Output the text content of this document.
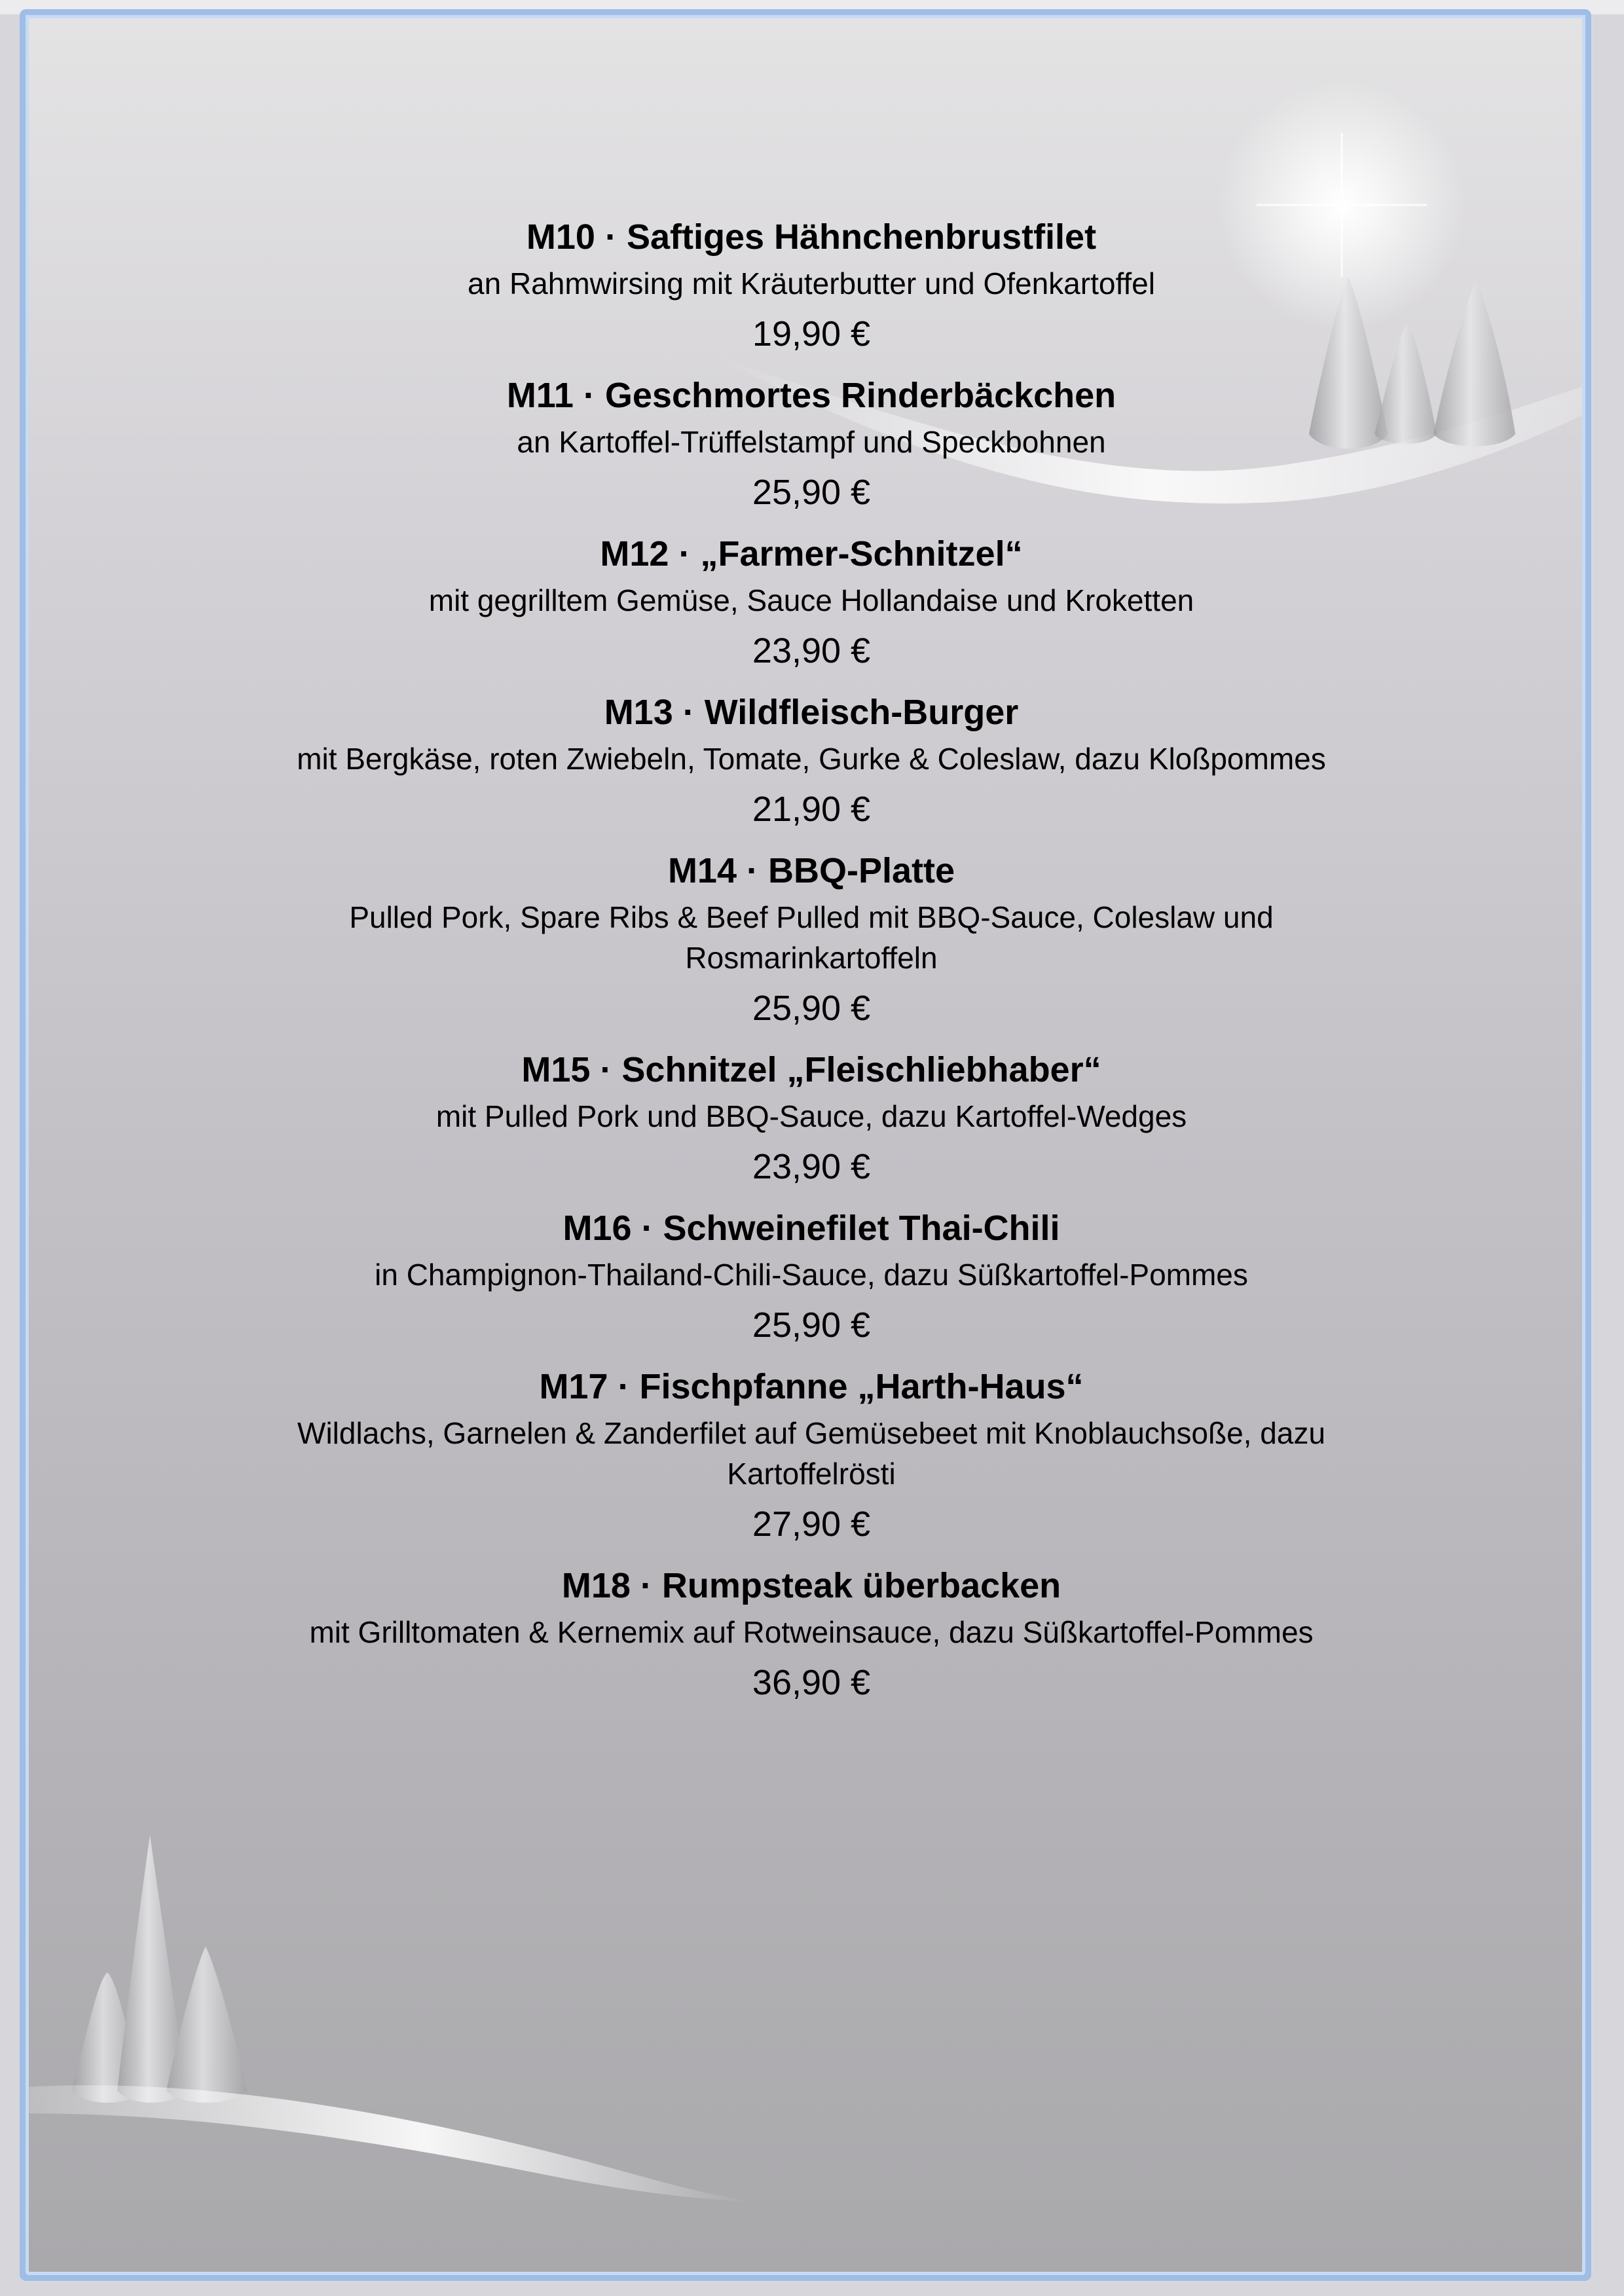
M10 · Saftiges Hähnchenbrustfilet
an Rahmwirsing mit Kräuterbutter und Ofenkartoffel
19,90 €
M11 · Geschmortes Rinderbäckchen
an Kartoffel-Trüffelstampf und Speckbohnen
25,90 €
M12 · „Farmer-Schnitzel“
mit gegrilltem Gemüse, Sauce Hollandaise und Kroketten
23,90 €
M13 · Wildfleisch-Burger
mit Bergkäse, roten Zwiebeln, Tomate, Gurke & Coleslaw, dazu Kloßpommes
21,90 €
M14 · BBQ-Platte
Pulled Pork, Spare Ribs & Beef Pulled mit BBQ-Sauce, Coleslaw und Rosmarinkartoffeln
25,90 €
M15 · Schnitzel „Fleischliebhaber“
mit Pulled Pork und BBQ-Sauce, dazu Kartoffel-Wedges
23,90 €
M16 · Schweinefilet Thai-Chili
in Champignon-Thailand-Chili-Sauce, dazu Süßkartoffel-Pommes
25,90 €
M17 · Fischpfanne „Harth-Haus“
Wildlachs, Garnelen & Zanderfilet auf Gemüsebeet mit Knoblauchsoße, dazu Kartoffelrösti
27,90 €
M18 · Rumpsteak überbacken
mit Grilltomaten & Kernemix auf Rotweinsauce, dazu Süßkartoffel-Pommes
36,90 €
